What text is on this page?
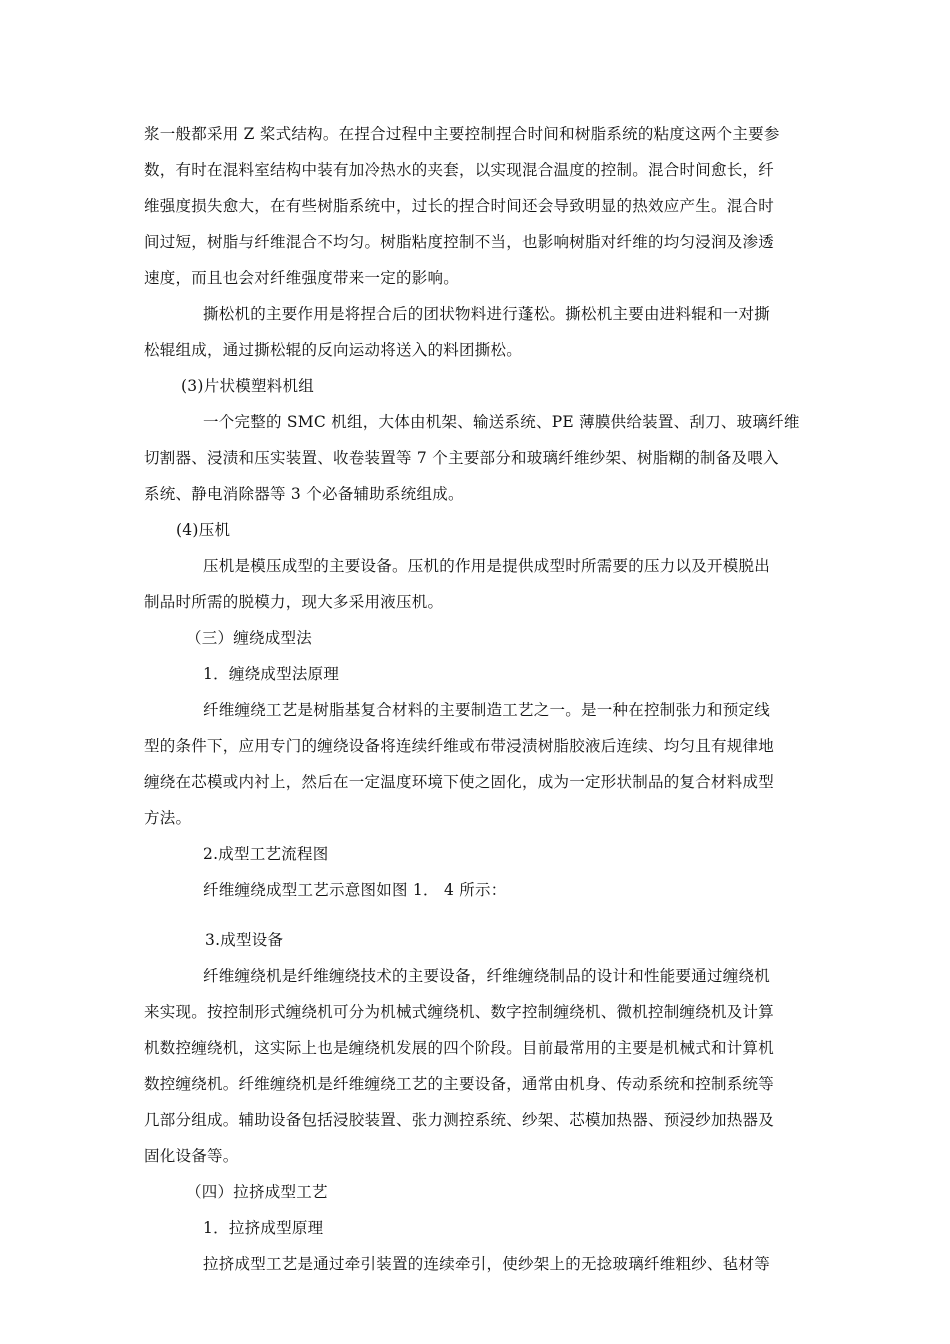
浆一般都采用 Z 桨式结构。在捏合过程中主要控制捏合时间和树脂系统的粘度这两个主要参
数，有时在混料室结构中装有加冷热水的夹套，以实现混合温度的控制。混合时间愈长，纤
维强度损失愈大，在有些树脂系统中，过长的捏合时间还会导致明显的热效应产生。混合时
间过短，树脂与纤维混合不均匀。树脂粘度控制不当，也影响树脂对纤维的均匀浸润及渗透
速度，而且也会对纤维强度带来一定的影响。
撕松机的主要作用是将捏合后的团状物料进行蓬松。撕松机主要由进料辊和一对撕
松辊组成，通过撕松辊的反向运动将送入的料团撕松。
(3)片状模塑料机组
一个完整的 SMC 机组，大体由机架、输送系统、PE 薄膜供给装置、刮刀、玻璃纤维
切割器、浸渍和压实装置、收卷装置等 7 个主要部分和玻璃纤维纱架、树脂糊的制备及喂入
系统、静电消除器等 3 个必备辅助系统组成。
(4)压机
压机是模压成型的主要设备。压机的作用是提供成型时所需要的压力以及开模脱出
制品时所需的脱模力，现大多采用液压机。
（三）缠绕成型法
1．缠绕成型法原理
纤维缠绕工艺是树脂基复合材料的主要制造工艺之一。是一种在控制张力和预定线
型的条件下，应用专门的缠绕设备将连续纤维或布带浸渍树脂胶液后连续、均匀且有规律地
缠绕在芯模或内衬上，然后在一定温度环境下使之固化，成为一定形状制品的复合材料成型
方法。
2.成型工艺流程图
纤维缠绕成型工艺示意图如图 1． 4 所示：
3.成型设备
纤维缠绕机是纤维缠绕技术的主要设备，纤维缠绕制品的设计和性能要通过缠绕机
来实现。按控制形式缠绕机可分为机械式缠绕机、数字控制缠绕机、微机控制缠绕机及计算
机数控缠绕机，这实际上也是缠绕机发展的四个阶段。目前最常用的主要是机械式和计算机
数控缠绕机。纤维缠绕机是纤维缠绕工艺的主要设备，通常由机身、传动系统和控制系统等
几部分组成。辅助设备包括浸胶装置、张力测控系统、纱架、芯模加热器、预浸纱加热器及
固化设备等。
（四）拉挤成型工艺
1．拉挤成型原理
拉挤成型工艺是通过牵引装置的连续牵引，使纱架上的无捻玻璃纤维粗纱、毡材等
